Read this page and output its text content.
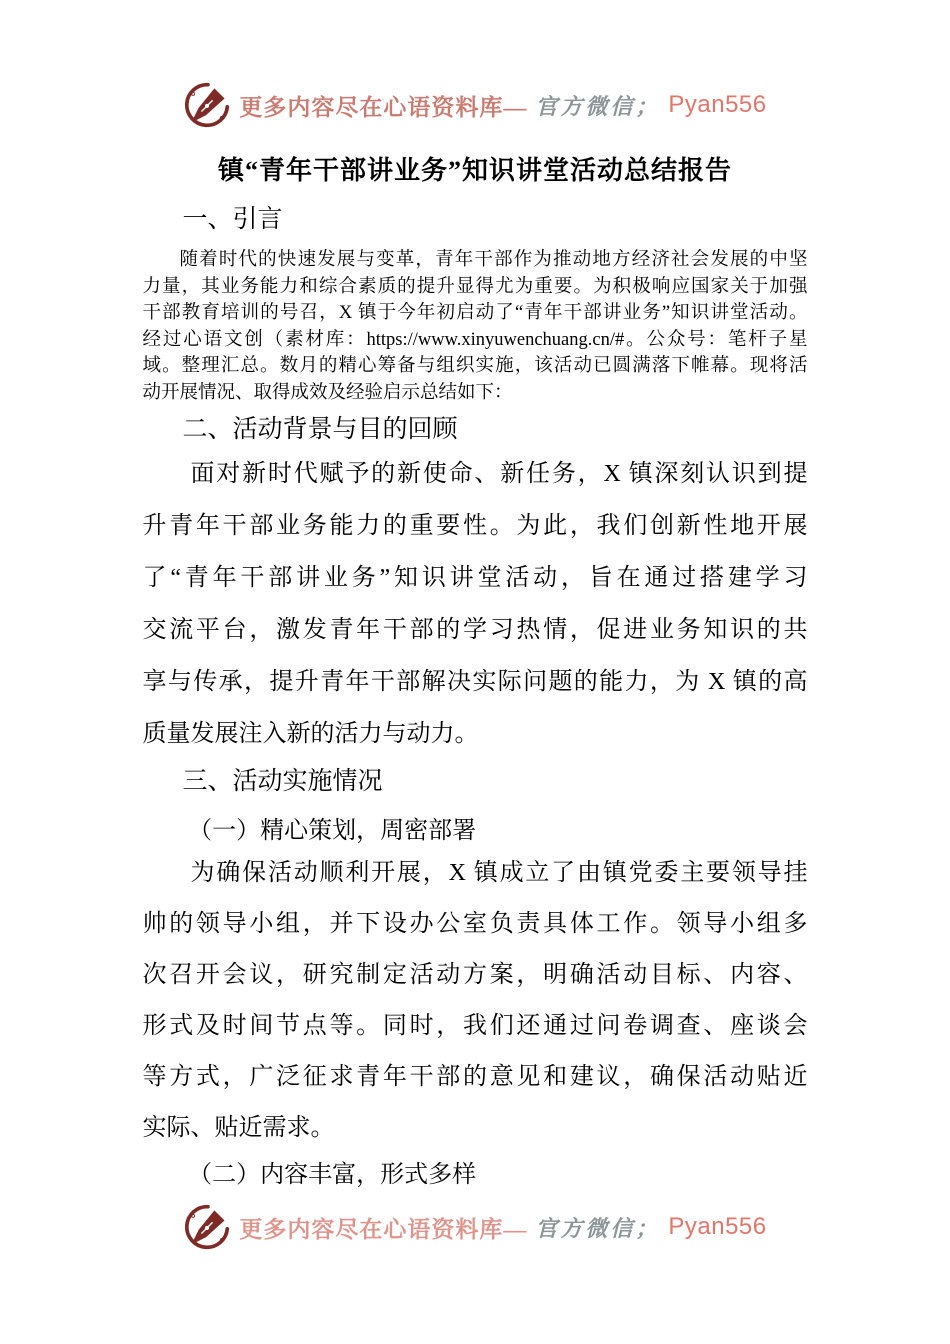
更多内容尽在心语资料库— 官方微信； Pyan556
镇“青年干部讲业务”知识讲堂活动总结报告
一、引言
随着时代的快速发展与变革，青年干部作为推动地方经济社会发展的中坚
力量，其业务能力和综合素质的提升显得尤为重要。为积极响应国家关于加强
干部教育培训的号召，X 镇于今年初启动了“青年干部讲业务”知识讲堂活动。
经过心语文创（素材库：https://www.xinyuwenchuang.cn/#。公众号：笔杆子星
域。整理汇总。数月的精心筹备与组织实施，该活动已圆满落下帷幕。现将活
动开展情况、取得成效及经验启示总结如下：
二、活动背景与目的回顾
面对新时代赋予的新使命、新任务，X 镇深刻认识到提
升青年干部业务能力的重要性。为此，我们创新性地开展
了“青年干部讲业务”知识讲堂活动，旨在通过搭建学习
交流平台，激发青年干部的学习热情，促进业务知识的共
享与传承，提升青年干部解决实际问题的能力，为 X 镇的高
质量发展注入新的活力与动力。
三、活动实施情况
（一）精心策划，周密部署
为确保活动顺利开展，X 镇成立了由镇党委主要领导挂
帅的领导小组，并下设办公室负责具体工作。领导小组多
次召开会议，研究制定活动方案，明确活动目标、内容、
形式及时间节点等。同时，我们还通过问卷调查、座谈会
等方式，广泛征求青年干部的意见和建议，确保活动贴近
实际、贴近需求。
（二）内容丰富，形式多样
更多内容尽在心语资料库— 官方微信； Pyan556
